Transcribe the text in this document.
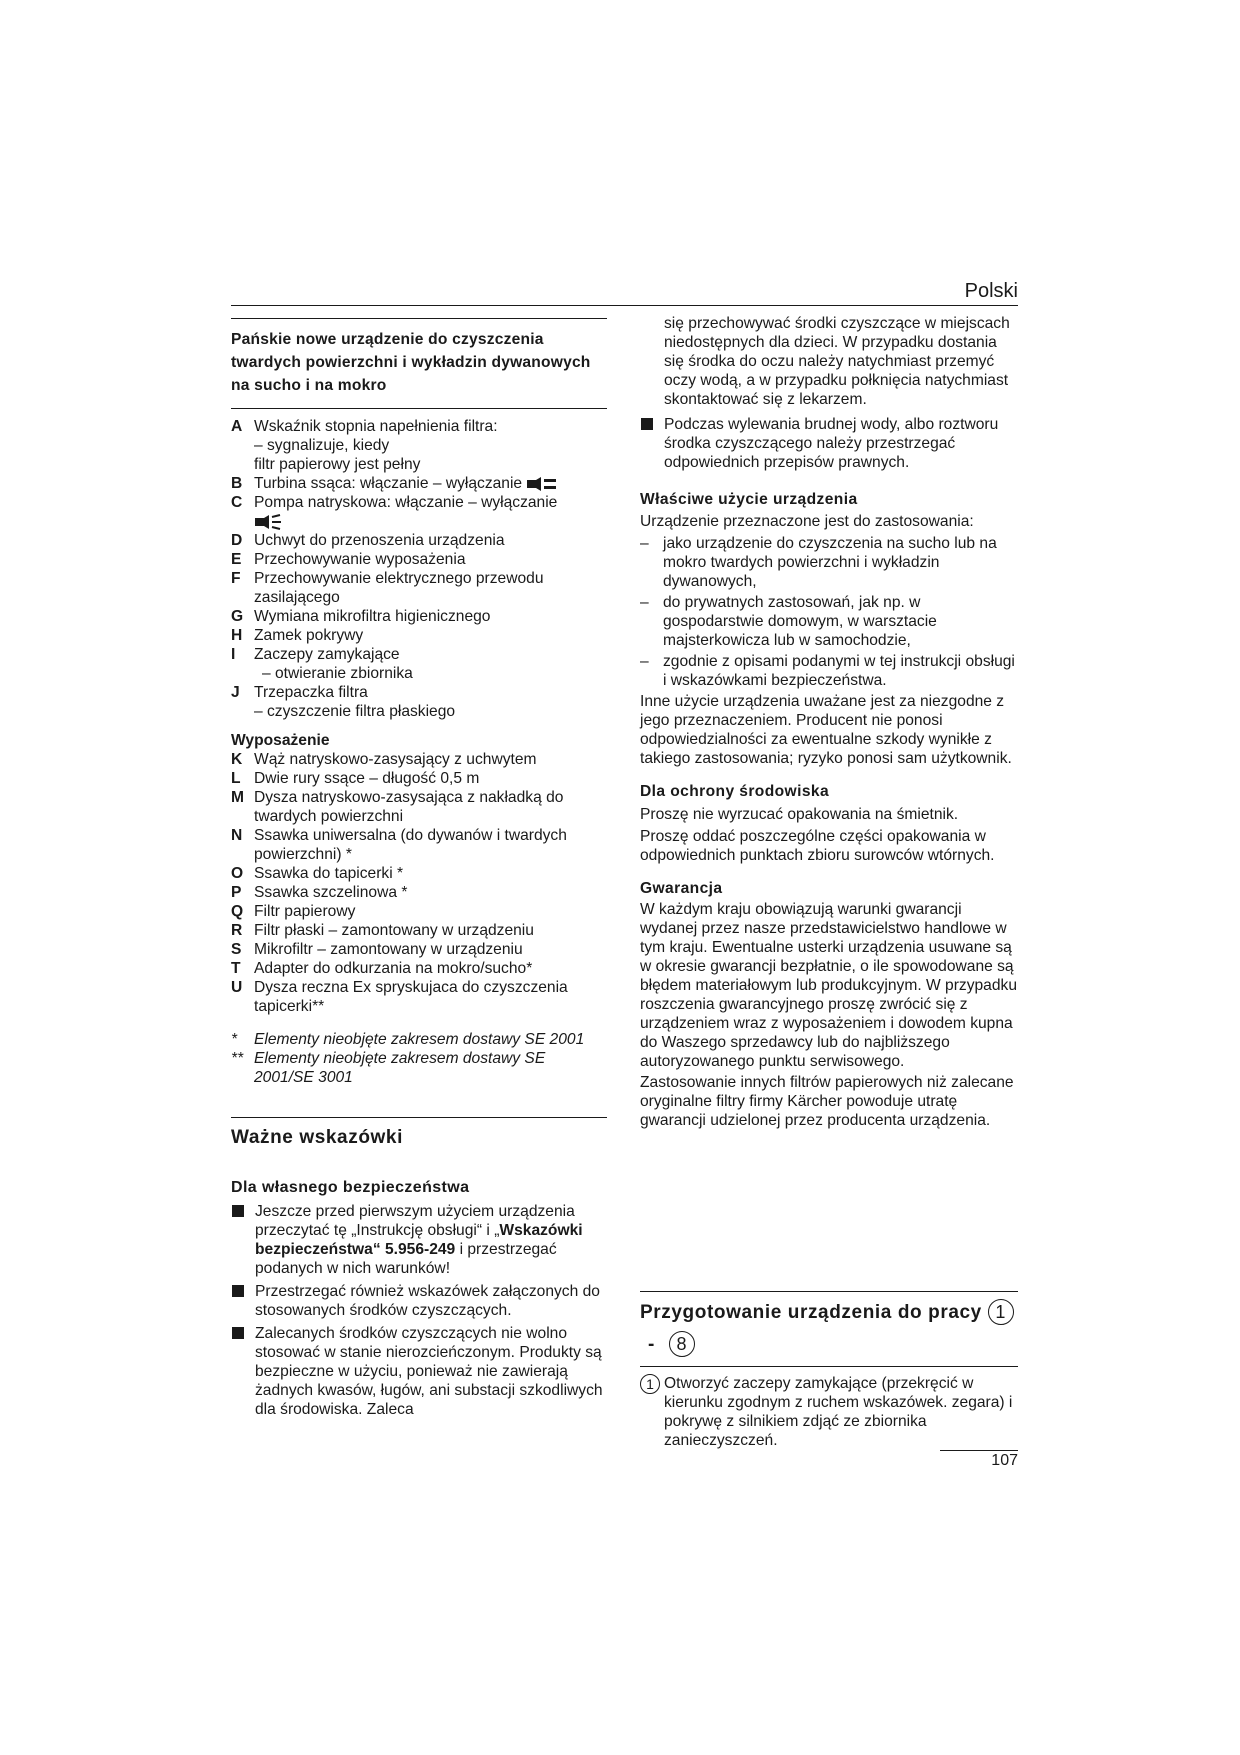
Polski
Pańskie nowe urządzenie do czyszczenia twardych powierzchni i wykładzin dywanowych na sucho i na mokro
A Wskaźnik stopnia napełnienia filtra:
– sygnalizuje, kiedy
filtr papierowy jest pełny
B Turbina ssąca: włączanie – wyłączanie
C Pompa natryskowa: włączanie – wyłączanie

D Uchwyt do przenoszenia urządzenia
E Przechowywanie wyposażenia
F Przechowywanie elektrycznego przewodu zasilającego
G Wymiana mikrofiltra higienicznego
H Zamek pokrywy
I	Zaczepy zamykające
– otwieranie zbiornika
J Trzepaczka filtra
– czyszczenie filtra płaskiego
Wyposażenie
K Wąż natryskowo-zasysający z uchwytem
L Dwie rury ssące – długość 0,5 m
M Dysza natryskowo-zasysająca z nakładką do twardych powierzchni
N Ssawka uniwersalna (do dywanów i twardych powierzchni) *
O Ssawka do tapicerki *
P Ssawka szczelinowa *
Q Filtr papierowy
R Filtr płaski – zamontowany w urządzeniu
S Mikrofiltr – zamontowany w urządzeniu
T Adapter do odkurzania na mokro/sucho*
U Dysza reczna Ex spryskujaca do czyszczenia tapicerki**
*	Elementy nieobjęte zakresem dostawy SE 2001
** Elementy nieobjęte zakresem dostawy SE 2001/SE 3001
Ważne wskazówki
Dla własnego bezpieczeństwa
Jeszcze przed pierwszym użyciem urządzenia przeczytać tę „Instrukcję obsługi“ i „Wskazówki bezpieczeństwa“ 5.956-249 i przestrzegać podanych w nich warunków!
Przestrzegać również wskazówek załączonych do stosowanych środków czyszczących.
Zalecanych środków czyszczących nie wolno stosować w stanie nierozcieńczonym. Produkty są bezpieczne w użyciu, ponieważ nie zawierają żadnych kwasów, ługów, ani substacji szkodliwych dla środowiska. Zaleca
się przechowywać środki czyszczące w miejscach niedostępnych dla dzieci. W przypadku dostania się środka do oczu należy natychmiast przemyć oczy wodą, a w przypadku połknięcia natychmiast skontaktować się z lekarzem.
Podczas wylewania brudnej wody, albo roztworu środka czyszczącego należy przestrzegać odpowiednich przepisów prawnych.
Właściwe użycie urządzenia
Urządzenie przeznaczone jest do zastosowania:
– jako urządzenie do czyszczenia na sucho lub na mokro twardych powierzchni i wykładzin dywanowych,
– do prywatnych zastosowań, jak np. w gospodarstwie domowym, w warsztacie majsterkowicza lub w samochodzie,
– zgodnie z opisami podanymi w tej instrukcji obsługi i wskazówkami bezpieczeństwa.
Inne użycie urządzenia uważane jest za niezgodne z jego przeznaczeniem. Producent nie ponosi odpowiedzialności za ewentualne szkody wynikłe z takiego zastosowania; ryzyko ponosi sam użytkownik.
Dla ochrony środowiska
Proszę nie wyrzucać opakowania na śmietnik.
Proszę oddać poszczególne części opakowania w odpowiednich punktach zbioru surowców wtórnych.
Gwarancja
W każdym kraju obowiązują warunki gwarancji wydanej przez nasze przedstawicielstwo handlowe w tym kraju. Ewentualne usterki urządzenia usuwane są w okresie gwarancji bezpłatnie, o ile spowodowane są błędem materiałowym lub produkcyjnym. W przypadku roszczenia gwarancyjnego proszę zwrócić się z urządzeniem wraz z wyposażeniem i dowodem kupna do Waszego sprzedawcy lub do najbliższego autoryzowanego punktu serwisowego.
Zastosowanie innych filtrów papierowych niż zalecane oryginalne filtry firmy Kärcher powoduje utratę gwarancji udzielonej przez producenta urządzenia.
Przygotowanie urządzenia do pracy 1 - 8
1 Otworzyć zaczepy zamykające (przekręcić w kierunku zgodnym z ruchem wskazówek. zegara) i pokrywę z silnikiem zdjąć ze zbiornika zanieczyszczeń.
107
